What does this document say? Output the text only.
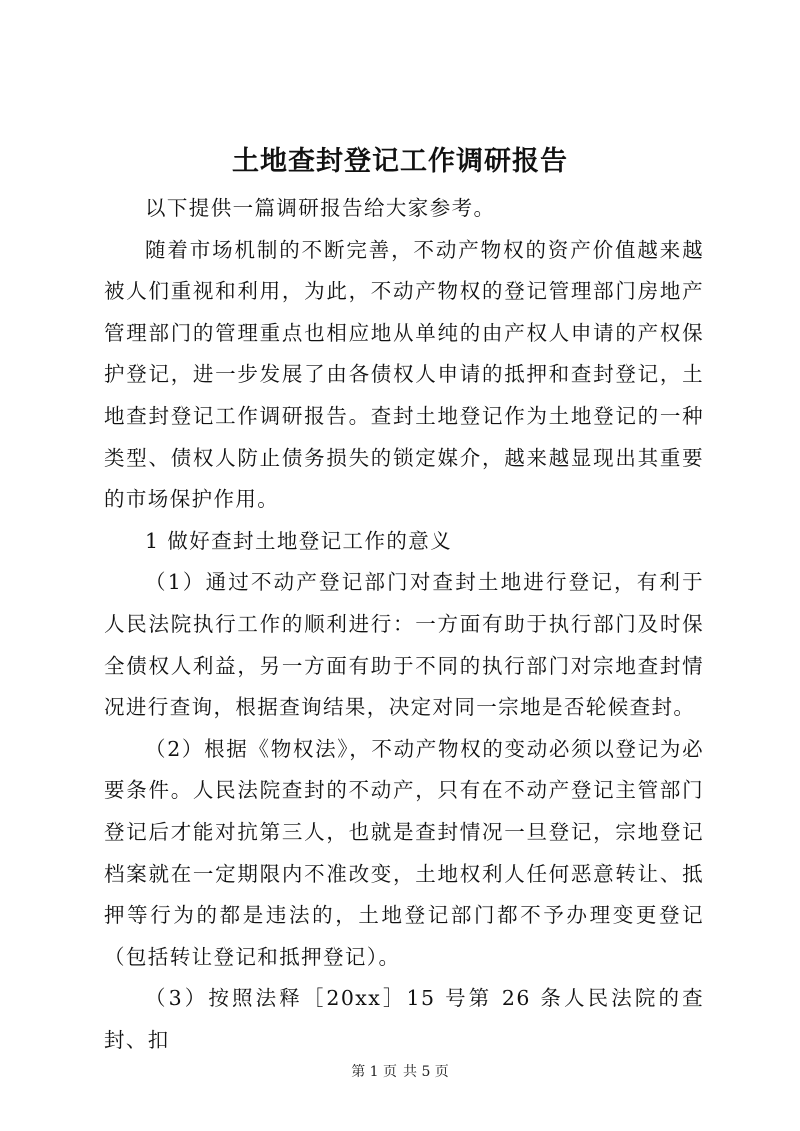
土地查封登记工作调研报告

以下提供一篇调研报告给大家参考。

随着市场机制的不断完善，不动产物权的资产价值越来越被人们重视和利用，为此，不动产物权的登记管理部门房地产管理部门的管理重点也相应地从单纯的由产权人申请的产权保护登记，进一步发展了由各债权人申请的抵押和查封登记，土地查封登记工作调研报告。查封土地登记作为土地登记的一种类型、债权人防止债务损失的锁定媒介，越来越显现出其重要的市场保护作用。

1 做好查封土地登记工作的意义

（1）通过不动产登记部门对查封土地进行登记，有利于人民法院执行工作的顺利进行：一方面有助于执行部门及时保全债权人利益，另一方面有助于不同的执行部门对宗地查封情况进行查询，根据查询结果，决定对同一宗地是否轮候查封。

（2）根据《物权法》，不动产物权的变动必须以登记为必要条件。人民法院查封的不动产，只有在不动产登记主管部门登记后才能对抗第三人，也就是查封情况一旦登记，宗地登记档案就在一定期限内不准改变，土地权利人任何恶意转让、抵押等行为的都是违法的，土地登记部门都不予办理变更登记（包括转让登记和抵押登记）。

（3）按照法释［20xx］15 号第 26 条人民法院的查封、扣

第 1 页 共 5 页
